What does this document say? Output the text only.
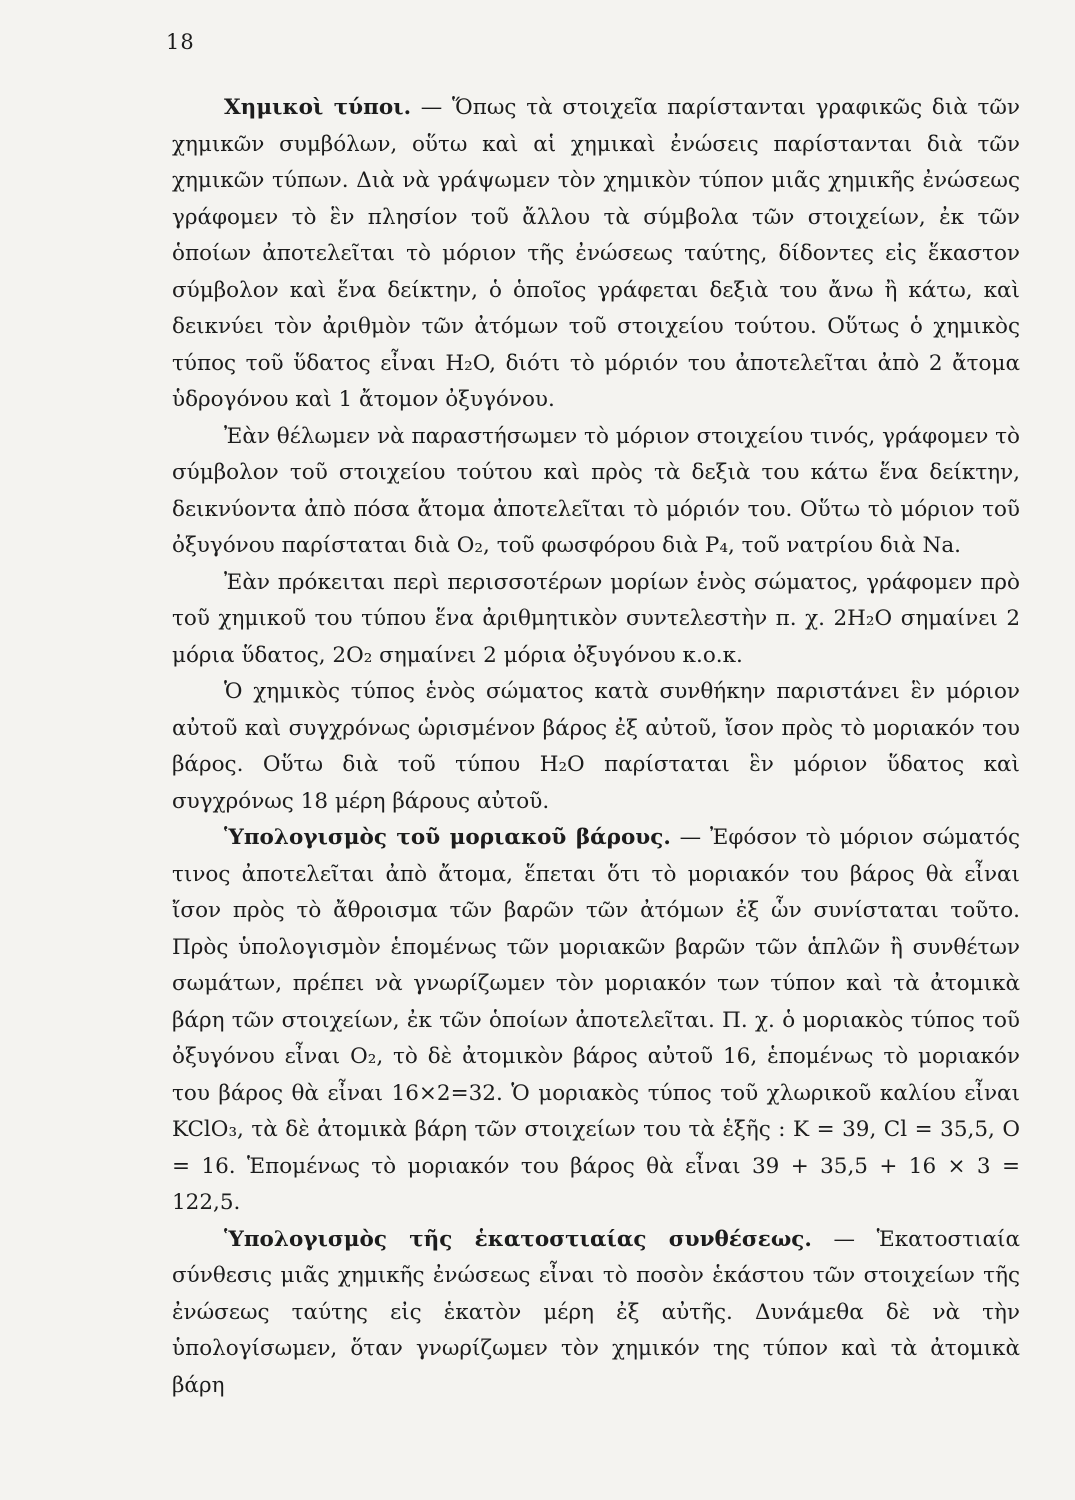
18

Χημικοὶ τύποι. — Ὅπως τὰ στοιχεῖα παρίστανται γραφικῶς διὰ τῶν χημικῶν συμβόλων, οὕτω καὶ αἱ χημικαὶ ἐνώσεις παρίστανται διὰ τῶν χημικῶν τύπων. Διὰ νὰ γράψωμεν τὸν χημικὸν τύπον μιᾶς χημικῆς ἐνώσεως γράφομεν τὸ ἓν πλησίον τοῦ ἄλλου τὰ σύμβολα τῶν στοιχείων, ἐκ τῶν ὁποίων ἀποτελεῖται τὸ μόριον τῆς ἐνώσεως ταύτης, δίδοντες εἰς ἕκαστον σύμβολον καὶ ἕνα δείκτην, ὁ ὁποῖος γράφεται δεξιὰ του ἄνω ἢ κάτω, καὶ δεικνύει τὸν ἀριθμὸν τῶν ἀτόμων τοῦ στοιχείου τούτου. Οὕτως ὁ χημικὸς τύπος τοῦ ὕδατος εἶναι H₂O, διότι τὸ μόριόν του ἀποτελεῖται ἀπὸ 2 ἄτομα ὑδρογόνου καὶ 1 ἄτομον ὀξυγόνου.

Ἐὰν θέλωμεν νὰ παραστήσωμεν τὸ μόριον στοιχείου τινός, γράφομεν τὸ σύμβολον τοῦ στοιχείου τούτου καὶ πρὸς τὰ δεξιὰ του κάτω ἕνα δείκτην, δεικνύοντα ἀπὸ πόσα ἄτομα ἀποτελεῖται τὸ μόριόν του. Οὕτω τὸ μόριον τοῦ ὀξυγόνου παρίσταται διὰ O₂, τοῦ φωσφόρου διὰ P₄, τοῦ νατρίου διὰ Na.

Ἐὰν πρόκειται περὶ περισσοτέρων μορίων ἑνὸς σώματος, γράφομεν πρὸ τοῦ χημικοῦ του τύπου ἕνα ἀριθμητικὸν συντελεστὴν π. χ. 2H₂O σημαίνει 2 μόρια ὕδατος, 2O₂ σημαίνει 2 μόρια ὀξυγόνου κ.ο.κ.

Ὁ χημικὸς τύπος ἑνὸς σώματος κατὰ συνθήκην παριστάνει ἓν μόριον αὐτοῦ καὶ συγχρόνως ὡρισμένον βάρος ἐξ αὐτοῦ, ἴσον πρὸς τὸ μοριακόν του βάρος. Οὕτω διὰ τοῦ τύπου H₂O παρίσταται ἓν μόριον ὕδατος καὶ συγχρόνως 18 μέρη βάρους αὐτοῦ.

Ὑπολογισμὸς τοῦ μοριακοῦ βάρους. — Ἐφόσον τὸ μόριον σώματός τινος ἀποτελεῖται ἀπὸ ἄτομα, ἕπεται ὅτι τὸ μοριακόν του βάρος θὰ εἶναι ἴσον πρὸς τὸ ἄθροισμα τῶν βαρῶν τῶν ἀτόμων ἐξ ὧν συνίσταται τοῦτο. Πρὸς ὑπολογισμὸν ἑπομένως τῶν μοριακῶν βαρῶν τῶν ἁπλῶν ἢ συνθέτων σωμάτων, πρέπει νὰ γνωρίζωμεν τὸν μοριακόν των τύπον καὶ τὰ ἀτομικὰ βάρη τῶν στοιχείων, ἐκ τῶν ὁποίων ἀποτελεῖται. Π. χ. ὁ μοριακὸς τύπος τοῦ ὀξυγόνου εἶναι O₂, τὸ δὲ ἀτομικὸν βάρος αὐτοῦ 16, ἑπομένως τὸ μοριακόν του βάρος θὰ εἶναι 16×2=32. Ὁ μοριακὸς τύπος τοῦ χλωρικοῦ καλίου εἶναι KClO₃, τὰ δὲ ἀτομικὰ βάρη τῶν στοιχείων του τὰ ἑξῆς : K = 39, Cl = 35,5, O = 16. Ἑπομένως τὸ μοριακόν του βάρος θὰ εἶναι 39 + 35,5 + 16 × 3 = 122,5.

Ὑπολογισμὸς τῆς ἑκατοστιαίας συνθέσεως. — Ἑκατοστιαία σύνθεσις μιᾶς χημικῆς ἐνώσεως εἶναι τὸ ποσὸν ἑκάστου τῶν στοιχείων τῆς ἐνώσεως ταύτης εἰς ἑκατὸν μέρη ἐξ αὐτῆς. Δυνάμεθα δὲ νὰ τὴν ὑπολογίσωμεν, ὅταν γνωρίζωμεν τὸν χημικόν της τύπον καὶ τὰ ἀτομικὰ βάρη
